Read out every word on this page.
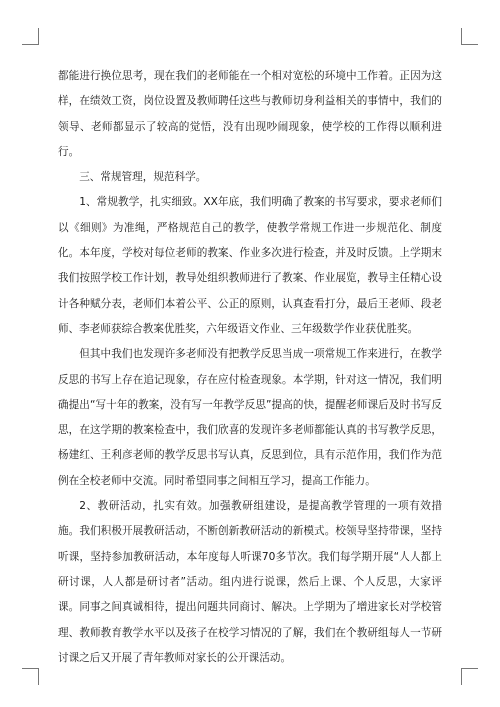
都能进行换位思考，现在我们的老师能在一个相对宽松的环境中工作着。正因为这样，在绩效工资，岗位设置及教师聘任这些与教师切身利益相关的事情中，我们的领导、老师都显示了较高的觉悟，没有出现吵闹现象，使学校的工作得以顺利进行。

三、常规管理，规范科学。

1、常规教学，扎实细致。XX年底，我们明确了教案的书写要求，要求老师们以《细则》为准绳，严格规范自己的教学，使教学常规工作进一步规范化、制度化。本年度，学校对每位老师的教案、作业多次进行检查，并及时反馈。上学期末我们按照学校工作计划，教导处组织教师进行了教案、作业展览，教导主任精心设计各种赋分表，老师们本着公平、公正的原则，认真查看打分，最后王老师、段老师、李老师获综合教案优胜奖，六年级语文作业、三年级数学作业获优胜奖。

但其中我们也发现许多老师没有把教学反思当成一项常规工作来进行，在教学反思的书写上存在追记现象，存在应付检查现象。本学期，针对这一情况，我们明确提出“写十年的教案，没有写一年教学反思”提高的快，提醒老师课后及时书写反思，在这学期的教案检查中，我们欣喜的发现许多老师都能认真的书写教学反思，杨建红、王利彦老师的教学反思书写认真，反思到位，具有示范作用，我们作为范例在全校老师中交流。同时希望同事之间相互学习，提高工作能力。

2、教研活动，扎实有效。加强教研组建设，是提高教学管理的一项有效措施。我们积极开展教研活动，不断创新教研活动的新模式。校领导坚持带课，坚持听课，坚持参加教研活动，本年度每人听课70多节次。我们每学期开展“人人都上研讨课，人人都是研讨者”活动。组内进行说课，然后上课、个人反思，大家评课。同事之间真诚相待，提出问题共同商讨、解决。上学期为了增进家长对学校管理、教师教育教学水平以及孩子在校学习情况的了解，我们在个教研组每人一节研讨课之后又开展了青年教师对家长的公开课活动。
